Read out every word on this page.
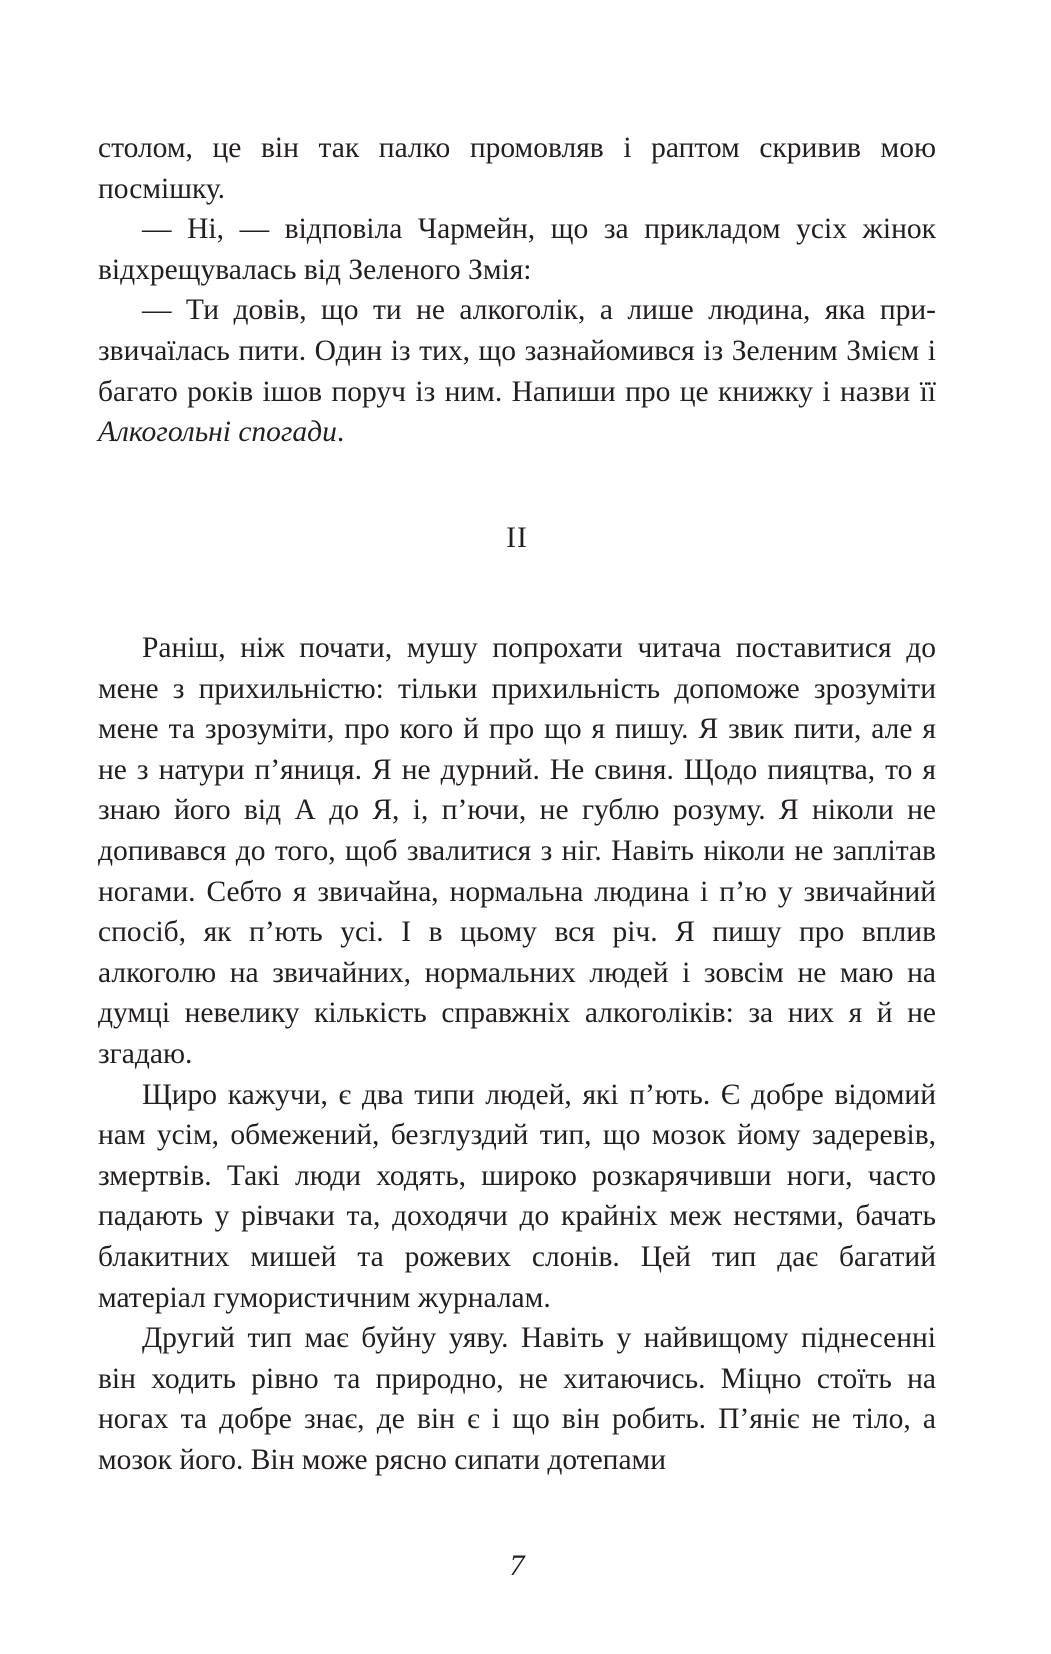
столом, це він так палко промовляв і раптом скривив мою посмішку.

— Ні, — відповіла Чармейн, що за прикладом усіх жінок відхрещувалась від Зеленого Змія:

— Ти довів, що ти не алкоголік, а лише людина, яка призвичаїлась пити. Один із тих, що зазнайомився із Зеленим Змієм і багато років ішов поруч із ним. Напиши про це книжку і назви її Алкогольні спогади.

II

Раніш, ніж почати, мушу попрохати читача поставитися до мене з прихильністю: тільки прихильність допоможе зрозуміти мене та зрозуміти, про кого й про що я пишу. Я звик пити, але я не з натури п’яниця. Я не дурний. Не свиня. Щодо пияцтва, то я знаю його від А до Я, і, п’ючи, не гублю розуму. Я ніколи не допивався до того, щоб звалитися з ніг. Навіть ніколи не заплітав ногами. Себто я звичайна, нормальна людина і п’ю у звичайний спосіб, як п’ють усі. І в цьому вся річ. Я пишу про вплив алкоголю на звичайних, нормальних людей і зовсім не маю на думці невелику кількість справжніх алкоголіків: за них я й не згадаю.

Щиро кажучи, є два типи людей, які п’ють. Є добре відомий нам усім, обмежений, безглуздий тип, що мозок йому задеревів, змертвів. Такі люди ходять, широко розкарячивши ноги, часто падають у рівчаки та, доходячи до крайніх меж нестями, бачать блакитних мишей та рожевих слонів. Цей тип дає багатий матеріал гумористичним журналам.

Другий тип має буйну уяву. Навіть у найвищому піднесенні він ходить рівно та природно, не хитаючись. Міцно стоїть на ногах та добре знає, де він є і що він робить. П’яніє не тіло, а мозок його. Він може рясно сипати дотепами

7
